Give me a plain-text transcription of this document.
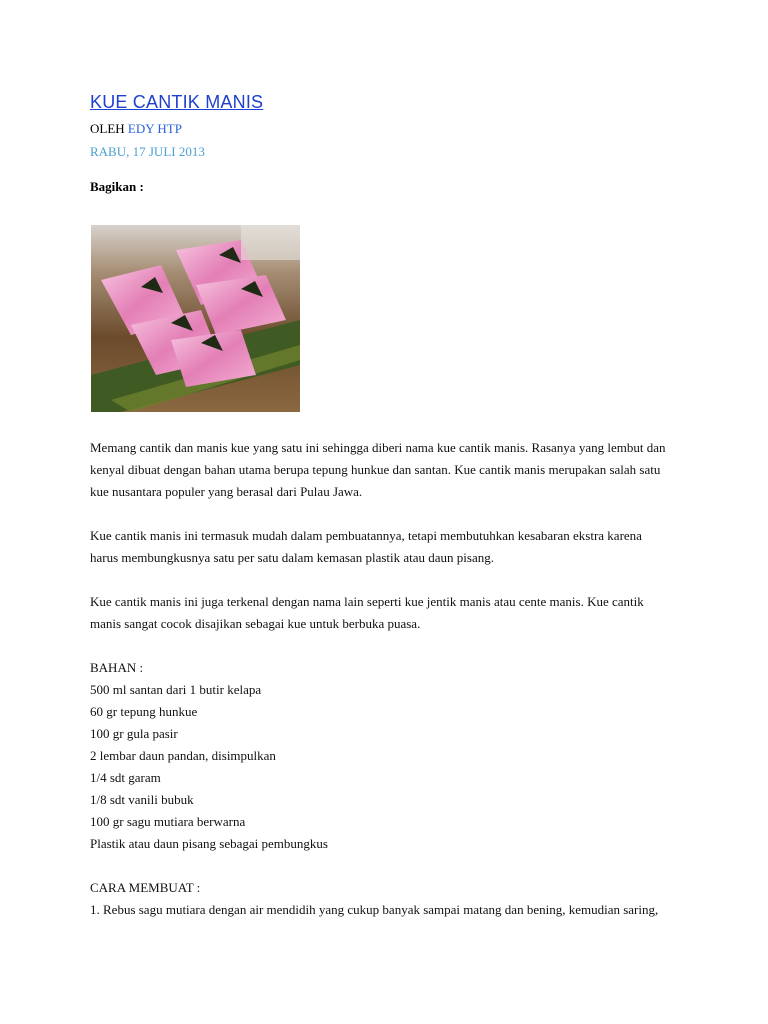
KUE CANTIK MANIS
OLEH EDY HTP
RABU, 17 JULI 2013
Bagikan :
Memang cantik dan manis kue yang satu ini sehingga diberi nama kue cantik manis. Rasanya yang lembut dan
kenyal dibuat dengan bahan utama berupa tepung hunkue dan santan. Kue cantik manis merupakan salah satu
kue nusantara populer yang berasal dari Pulau Jawa.
Kue cantik manis ini termasuk mudah dalam pembuatannya, tetapi membutuhkan kesabaran ekstra karena
harus membungkusnya satu per satu dalam kemasan plastik atau daun pisang.
Kue cantik manis ini juga terkenal dengan nama lain seperti kue jentik manis atau cente manis. Kue cantik
manis sangat cocok disajikan sebagai kue untuk berbuka puasa.
BAHAN :
500 ml santan dari 1 butir kelapa
60 gr tepung hunkue
100 gr gula pasir
2 lembar daun pandan, disimpulkan
1/4 sdt garam
1/8 sdt vanili bubuk
100 gr sagu mutiara berwarna
Plastik atau daun pisang sebagai pembungkus
CARA MEMBUAT :
1. Rebus sagu mutiara dengan air mendidih yang cukup banyak sampai matang dan bening, kemudian saring,
